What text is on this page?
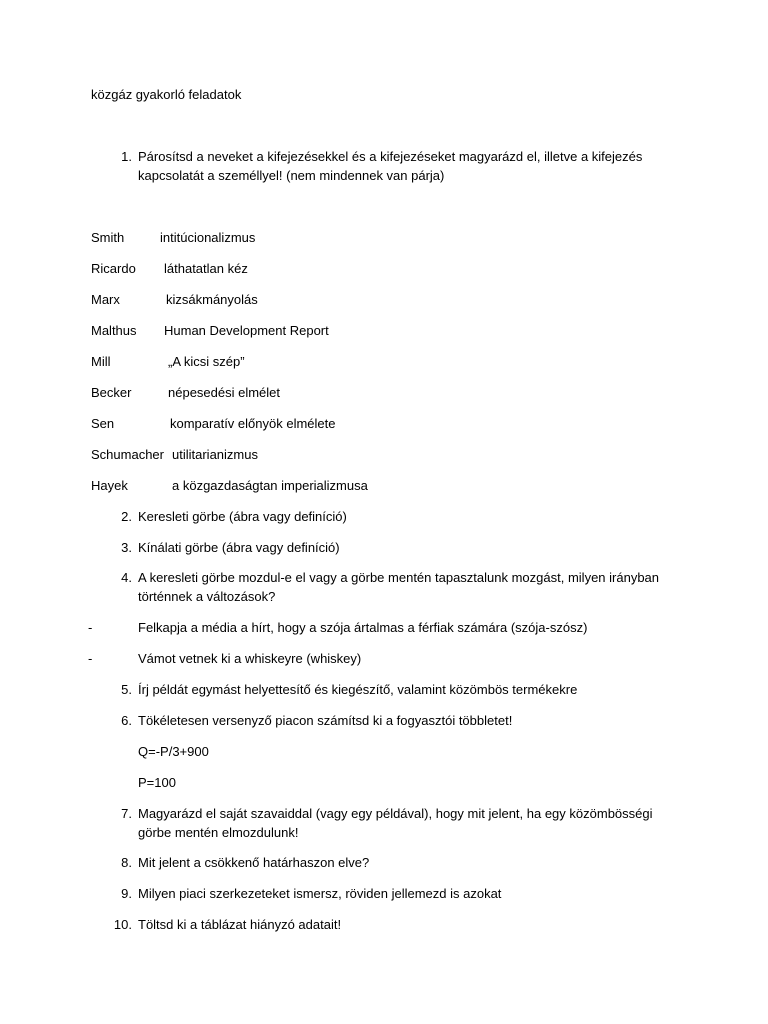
közgáz gyakorló feladatok
1. Párosítsd a neveket a kifejezésekkel és a kifejezéseket magyarázd el, illetve a kifejezés kapcsolatát a személlyel! (nem mindennek van párja)
Smith	intitúcionalizmus
Ricardo láthatatlan kéz
Marx	kizsákmányolás
Malthus Human Development Report
Mill	„A kicsi szép”
Becker	népesedési elmélet
Sen	komparatív előnyök elmélete
Schumacher utilitarianizmus
Hayek	a közgazdaságtan imperializmusa
2. Keresleti görbe (ábra vagy definíció)
3. Kínálati görbe (ábra vagy definíció)
4. A keresleti görbe mozdul-e el vagy a görbe mentén tapasztalunk mozgást, milyen irányban történnek a változások?
-	Felkapja a média a hírt, hogy a szója ártalmas a férfiak számára (szója-szósz)
-	Vámot vetnek ki a whiskeyre (whiskey)
5. Írj példát egymást helyettesítő és kiegészítő, valamint közömbös termékekre
6. Tökéletesen versenyző piacon számítsd ki a fogyasztói többletet!
Q=-P/3+900
P=100
7. Magyarázd el saját szavaiddal (vagy egy példával), hogy mit jelent, ha egy közömbösségi görbe mentén elmozdulunk!
8. Mit jelent a csökkenő határhaszon elve?
9. Milyen piaci szerkezeteket ismersz, röviden jellemezd is azokat
10. Töltsd ki a táblázat hiányzó adatait!
